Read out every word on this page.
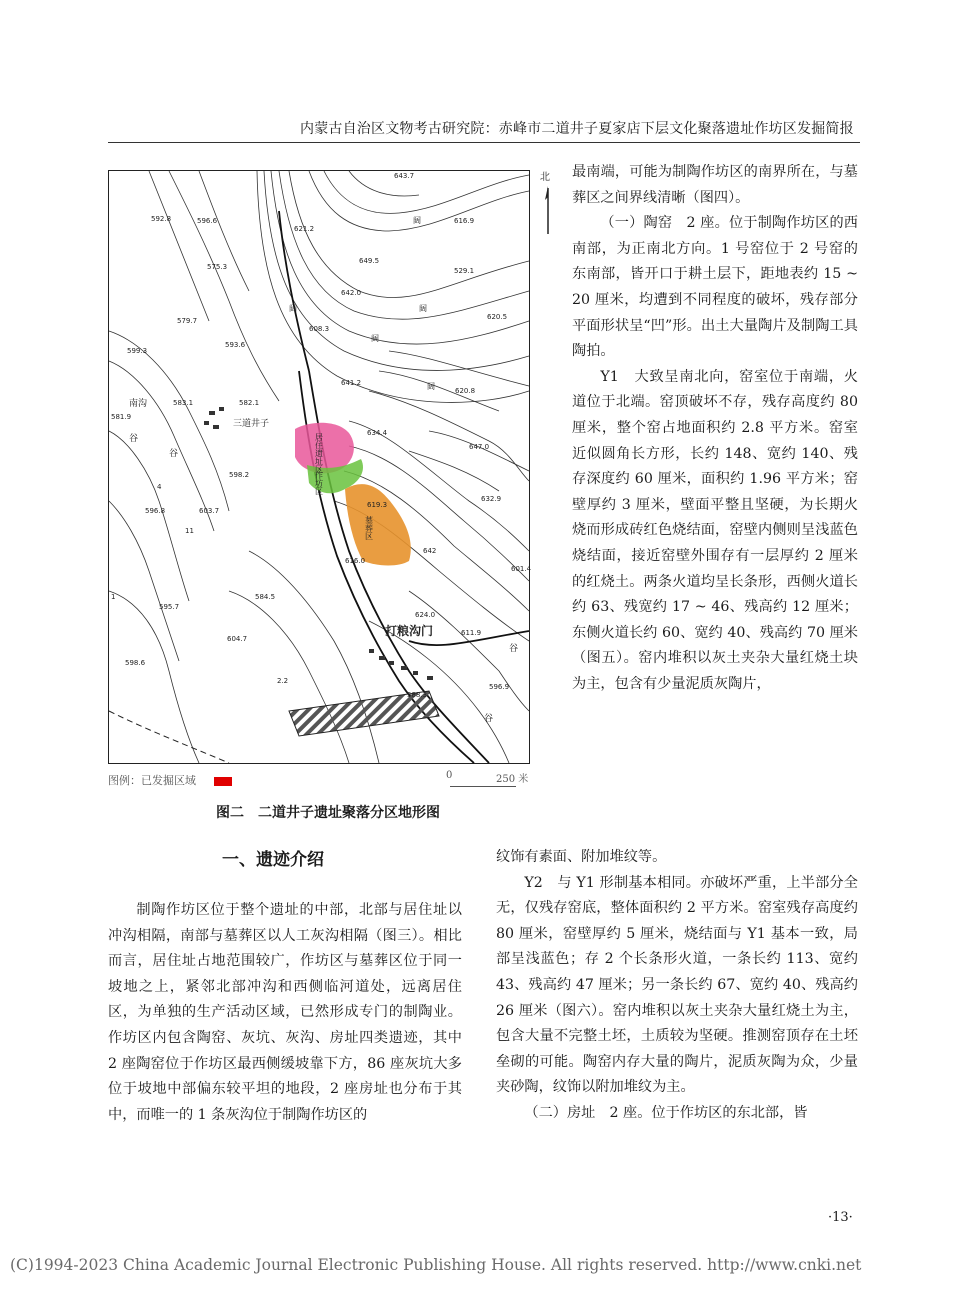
内蒙古自治区文物考古研究院：赤峰市二道井子夏家店下层文化聚落遗址作坊区发掘简报
643.7
621.2
616.9
649.5
529.1
642.0
620.5
608.3
641.2
620.8
634.4
647.0
632.9
619.3
642
601.4
616.0
624.0
611.9
596.9
588.3
592.8	596.6
575.3
579.7
599.3
593.6
582.1
581.9
583.1
598.2
596.8	603.7
595.7
584.5
604.7
598.6
2.2
11
4
1
三道井子
南沟
谷
谷
打粮沟门
谷
谷
居住遗址区
作坊区
墓葬区
阔
阔
阔
阔
阔
北
图例：已发掘区域	0	250 米
图二　二道井子遗址聚落分区地形图
一、遗迹介绍

最南端，可能为制陶作坊区的南界所在，与墓葬区之间界线清晰（图四）。

（一）陶窑　2 座。位于制陶作坊区的西南部，为正南北方向。1 号窑位于 2 号窑的东南部，皆开口于耕土层下，距地表约 15 ~ 20 厘米，均遭到不同程度的破坏，残存部分平面形状呈“凹”形。出土大量陶片及制陶工具陶拍。

Y1　大致呈南北向，窑室位于南端，火道位于北端。窑顶破坏不存，残存高度约 80 厘米，整个窑占地面积约 2.8 平方米。窑室近似圆角长方形，长约 148、宽约 140、残存深度约 60 厘米，面积约 1.96 平方米；窑壁厚约 3 厘米，壁面平整且坚硬，为长期火烧而形成砖红色烧结面，窑壁内侧则呈浅蓝色烧结面，接近窑壁外围存有一层厚约 2 厘米的红烧土。两条火道均呈长条形，西侧火道长约 63、残宽约 17 ~ 46、残高约 12 厘米；东侧火道长约 60、宽约 40、残高约 70 厘米（图五）。窑内堆积以灰土夹杂大量红烧土块为主，包含有少量泥质灰陶片，

制陶作坊区位于整个遗址的中部，北部与居住址以冲沟相隔，南部与墓葬区以人工灰沟相隔（图三）。相比而言，居住址占地范围较广，作坊区与墓葬区位于同一坡地之上，紧邻北部冲沟和西侧临河道处，远离居住区，为单独的生产活动区域，已然形成专门的制陶业。作坊区内包含陶窑、灰坑、灰沟、房址四类遗迹，其中 2 座陶窑位于作坊区最西侧缓坡靠下方，86 座灰坑大多位于坡地中部偏东较平坦的地段，2 座房址也分布于其中，而唯一的 1 条灰沟位于制陶作坊区的

纹饰有素面、附加堆纹等。

Y2　与 Y1 形制基本相同。亦破坏严重，上半部分全无，仅残存窑底，整体面积约 2 平方米。窑室残存高度约 80 厘米，窑壁厚约 5 厘米，烧结面与 Y1 基本一致，局部呈浅蓝色；存 2 个长条形火道，一条长约 113、宽约 43、残高约 47 厘米；另一条长约 67、宽约 40、残高约 26 厘米（图六）。窑内堆积以灰土夹杂大量红烧土为主，包含大量不完整土坯，土质较为坚硬。推测窑顶存在土坯垒砌的可能。陶窑内存大量的陶片，泥质灰陶为众，少量夹砂陶，纹饰以附加堆纹为主。

（二）房址　2 座。位于作坊区的东北部，皆

·13·
(C)1994-2023 China Academic Journal Electronic Publishing House. All rights reserved. http://www.cnki.net
